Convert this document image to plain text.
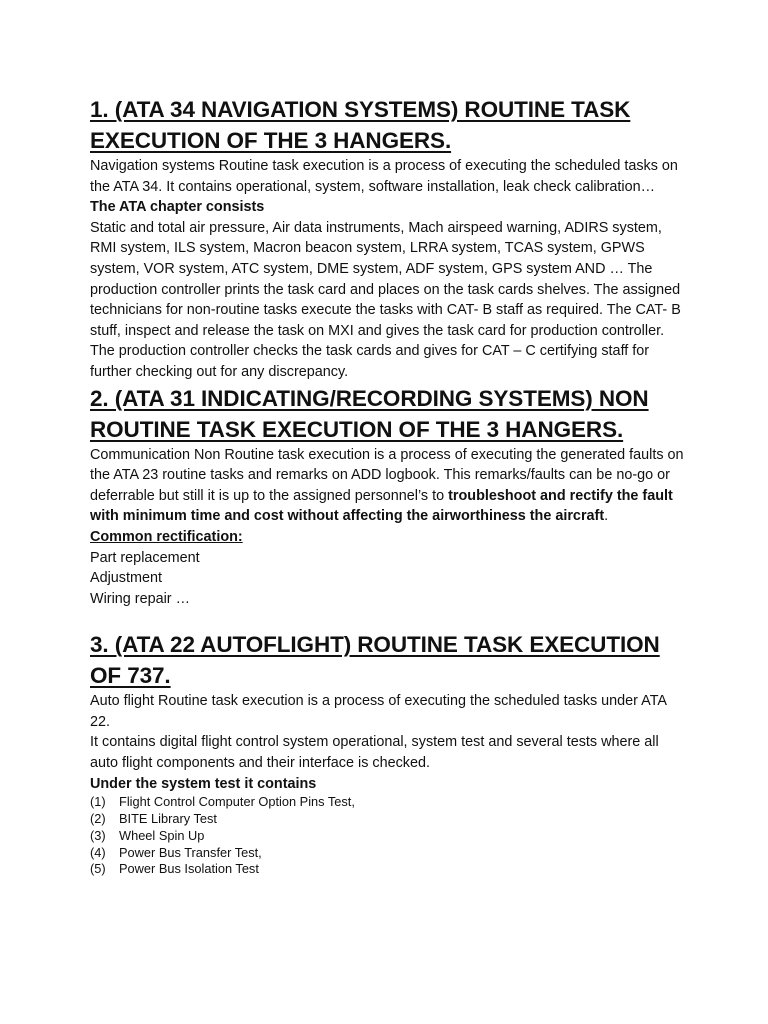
1. (ATA 34 NAVIGATION SYSTEMS) ROUTINE TASK EXECUTION OF THE 3 HANGERS.

Navigation systems Routine task execution is a process of executing the scheduled tasks on the ATA 34. It contains operational, system, software installation, leak check calibration…

The ATA chapter consists

Static and total air pressure, Air data instruments, Mach airspeed warning, ADIRS system, RMI system, ILS system, Macron beacon system, LRRA system, TCAS system, GPWS system, VOR system, ATC system, DME system, ADF system, GPS system AND … The production controller prints the task card and places on the task cards shelves. The assigned technicians for non-routine tasks execute the tasks with CAT- B staff as required. The CAT- B stuff, inspect and release the task on MXI and gives the task card for production controller. The production controller checks the task cards and gives for CAT – C certifying staff for further checking out for any discrepancy.

2. (ATA 31 INDICATING/RECORDING SYSTEMS) NON ROUTINE TASK EXECUTION OF THE 3 HANGERS.

Communication Non Routine task execution is a process of executing the generated faults on the ATA 23 routine tasks and remarks on ADD logbook. This remarks/faults can be no-go or deferrable but still it is up to the assigned personnel’s to troubleshoot and rectify the fault with minimum time and cost without affecting the airworthiness the aircraft.

Common rectification:

Part replacement

Adjustment

Wiring repair …

3. (ATA 22 AUTOFLIGHT) ROUTINE TASK EXECUTION OF 737.

Auto flight Routine task execution is a process of executing the scheduled tasks under ATA 22.

It contains digital flight control system operational, system test and several tests where all auto flight components and their interface is checked.

Under the system test it contains

(1)	Flight Control Computer Option Pins Test,
(2)	BITE Library Test
(3)	Wheel Spin Up
(4)	Power Bus Transfer Test,
(5)	Power Bus Isolation Test
